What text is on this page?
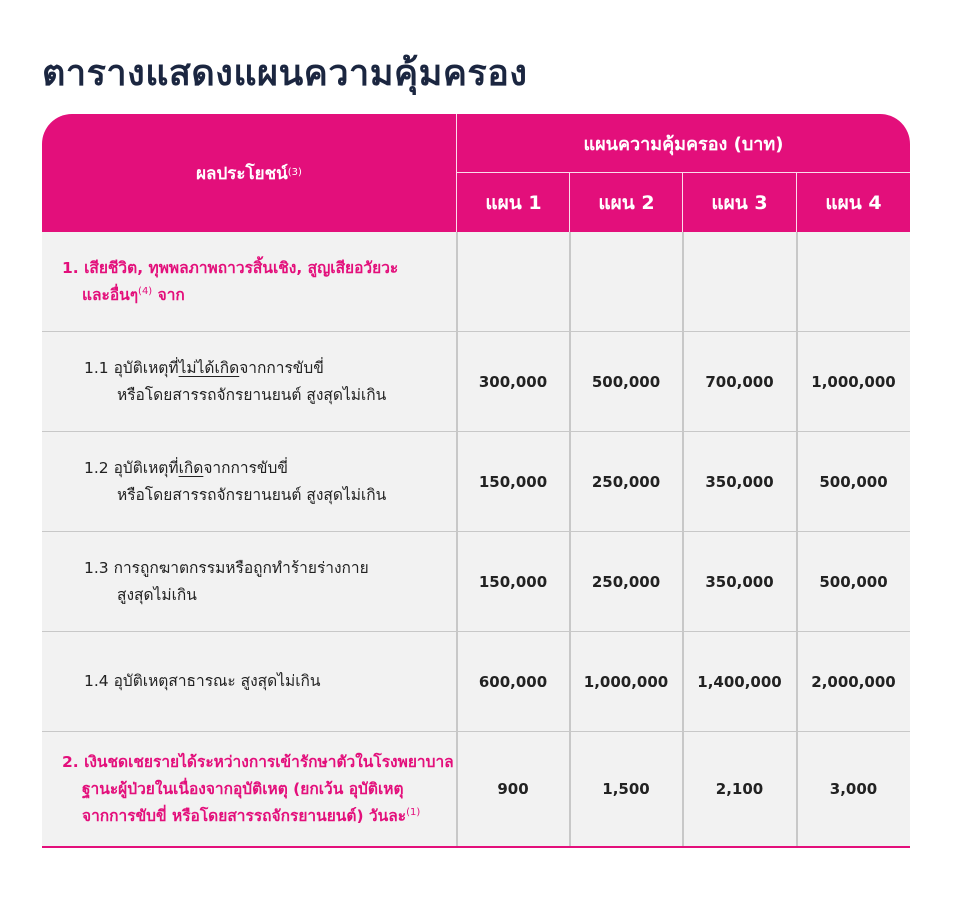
ตารางแสดงแผนความคุ้มครอง
ผลประโยชน์ (3)
แผนความคุ้มครอง (บาท)
แผน 1	แผน 2	แผน 3	แผน 4
1. เสียชีวิต, ทุพพลภาพถาวรสิ้นเชิง, สูญเสียอวัยวะ
และอื่นๆ$^{(4)}$ จาก
1.1 อุบัติเหตุที่ไม่ได้เกิดจากการขับขี่
หรือโดยสารรถจักรยานยนต์ สูงสุดไม่เกิน
300,000	500,000	700,000	1,000,000
1.2 อุบัติเหตุที่เกิดจากการขับขี่
หรือโดยสารรถจักรยานยนต์ สูงสุดไม่เกิน
150,000	250,000	350,000	500,000
1.3 การถูกฆาตกรรมหรือถูกทำร้ายร่างกาย
สูงสุดไม่เกิน
150,000	250,000	350,000	500,000
1.4 อุบัติเหตุสาธารณะ สูงสุดไม่เกิน	600,000	1,000,000	1,400,000	2,000,000
2. เงินชดเชยรายได้ระหว่างการเข้ารักษาตัวในโรงพยาบาล
ฐานะผู้ป่วยในเนื่องจากอุบัติเหตุ (ยกเว้น อุบัติเหตุ
จากการขับขี่ หรือโดยสารรถจักรยานยนต์) วันละ$^{(1)}$
900	1,500	2,100	3,000
